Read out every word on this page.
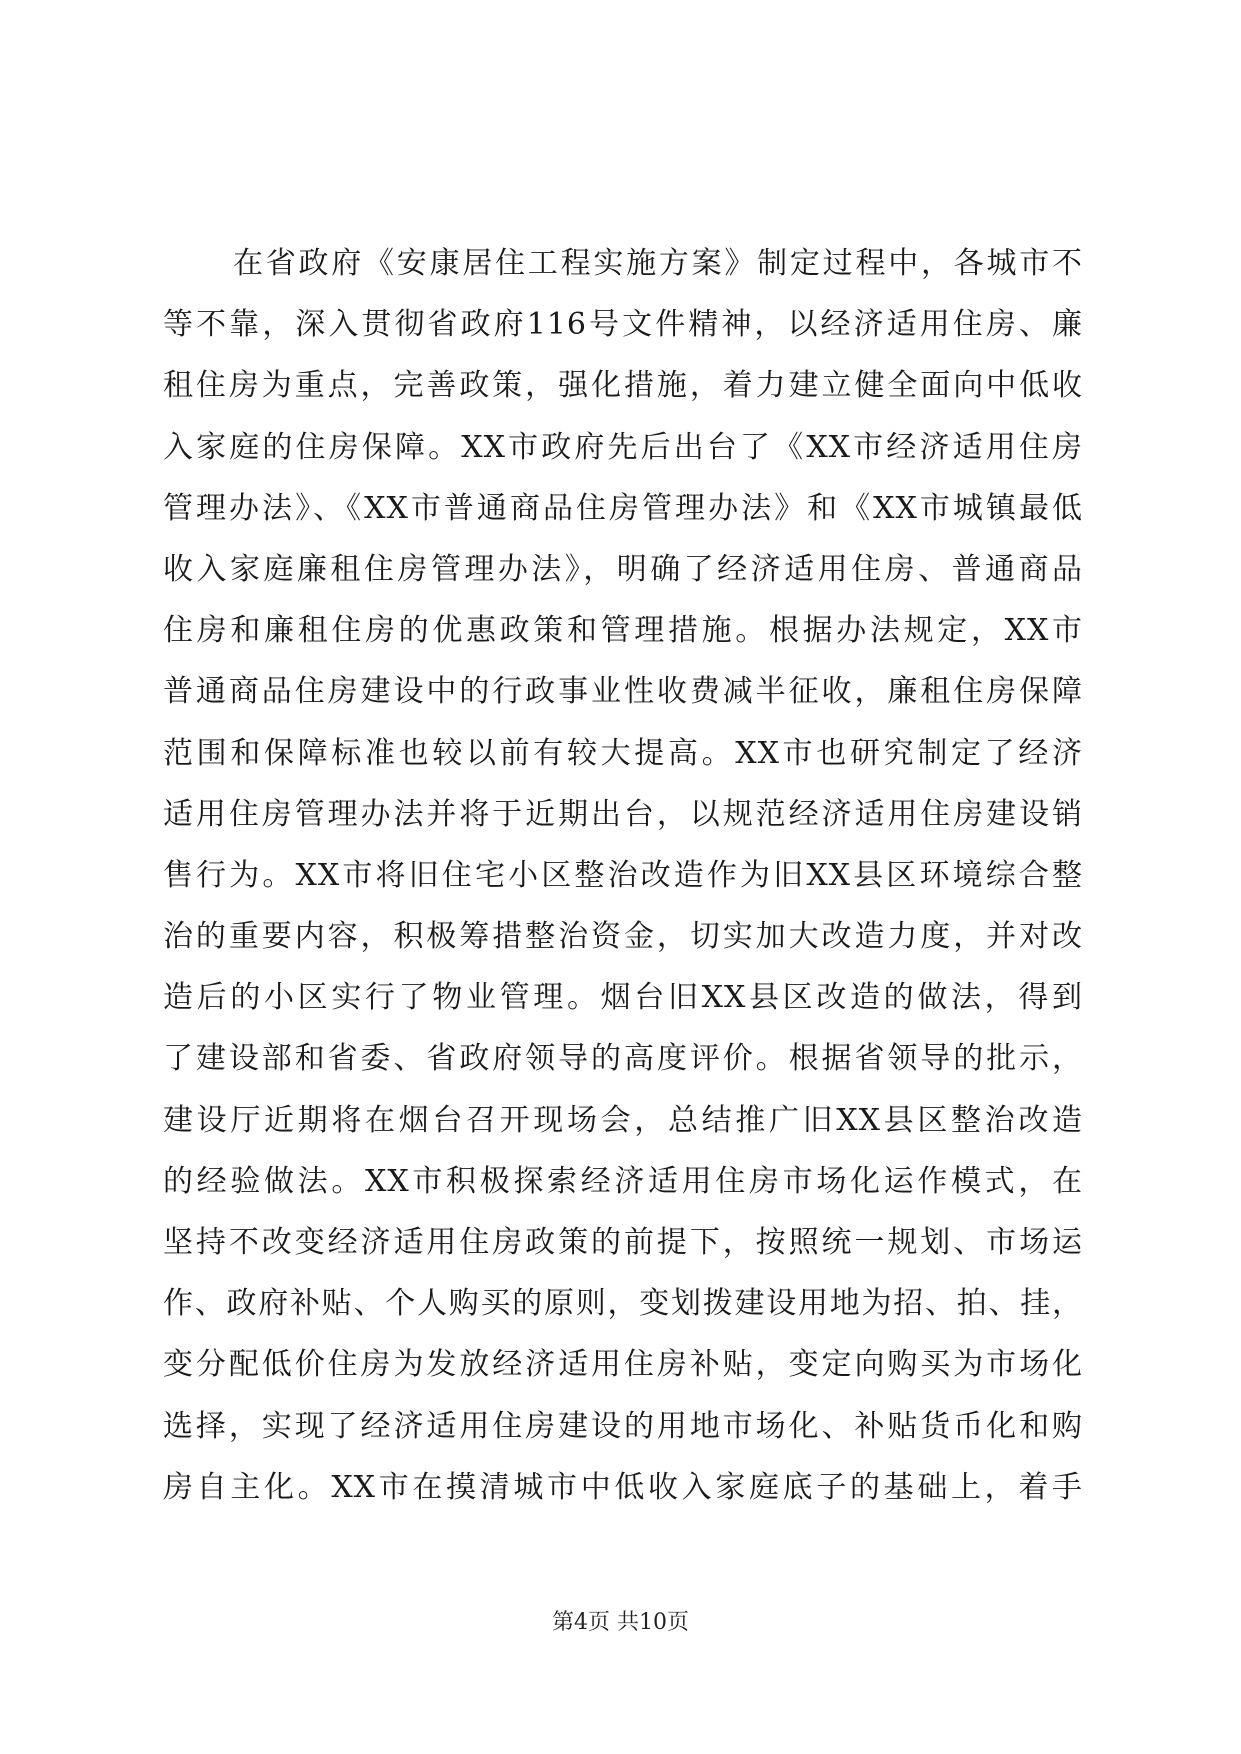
在省政府《安康居住工程实施方案》制定过程中，各城市不
等不靠，深入贯彻省政府116号文件精神，以经济适用住房、廉
租住房为重点，完善政策，强化措施，着力建立健全面向中低收
入家庭的住房保障。XX市政府先后出台了《XX市经济适用住房
管理办法》、《XX市普通商品住房管理办法》和《XX市城镇最低
收入家庭廉租住房管理办法》，明确了经济适用住房、普通商品
住房和廉租住房的优惠政策和管理措施。根据办法规定，XX市
普通商品住房建设中的行政事业性收费减半征收，廉租住房保障
范围和保障标准也较以前有较大提高。XX市也研究制定了经济
适用住房管理办法并将于近期出台，以规范经济适用住房建设销
售行为。XX市将旧住宅小区整治改造作为旧XX县区环境综合整
治的重要内容，积极筹措整治资金，切实加大改造力度，并对改
造后的小区实行了物业管理。烟台旧XX县区改造的做法，得到
了建设部和省委、省政府领导的高度评价。根据省领导的批示，
建设厅近期将在烟台召开现场会，总结推广旧XX县区整治改造
的经验做法。XX市积极探索经济适用住房市场化运作模式，在
坚持不改变经济适用住房政策的前提下，按照统一规划、市场运
作、政府补贴、个人购买的原则，变划拨建设用地为招、拍、挂，
变分配低价住房为发放经济适用住房补贴，变定向购买为市场化
选择，实现了经济适用住房建设的用地市场化、补贴货币化和购
房自主化。XX市在摸清城市中低收入家庭底子的基础上，着手
第4页 共10页
